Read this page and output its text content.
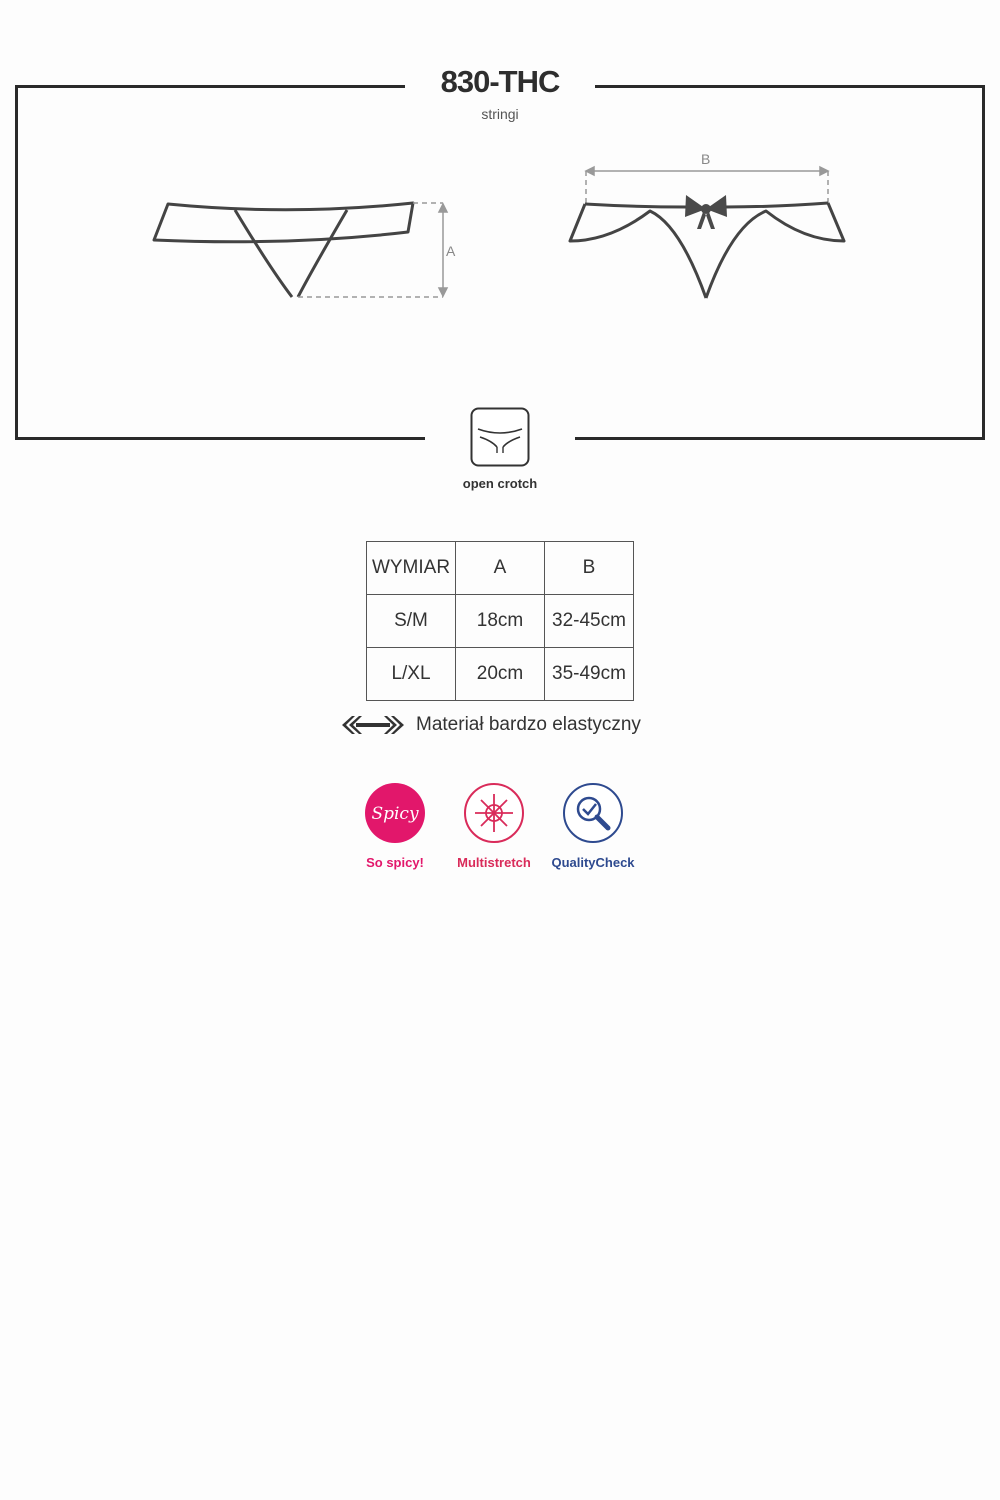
830-THC
stringi
A
B
open crotch
WYMIAR	A	B
S/M	18cm	32-45cm
L/XL	20cm	35-49cm
Materiał bardzo elastyczny
Spicy
So spicy!	Multistretch	QualityCheck
